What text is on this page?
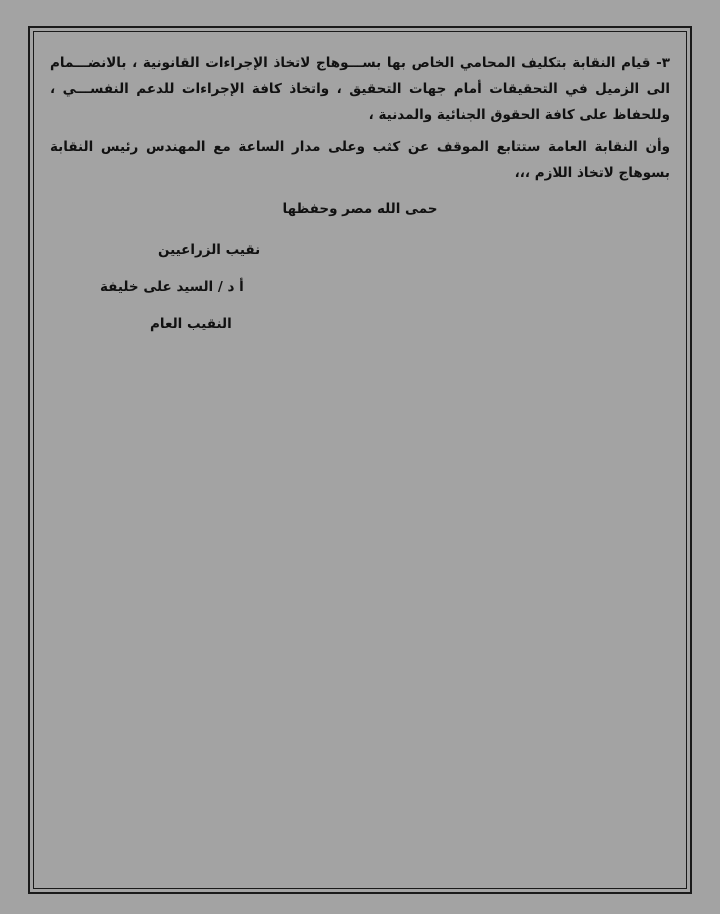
٣- قيام النقابة بتكليف المحامي الخاص بها بســـوهاج لاتخاذ الإجراءات القانونية ، بالانضـــمام الى الزميل في التحقيقات أمام جهات التحقيق ، واتخاذ كافة الإجراءات للدعم النفســـي ، وللحفاظ على كافة الحقوق الجنائية والمدنية ،

وأن النقابة العامة ستتابع الموقف عن كثب وعلى مدار الساعة مع المهندس رئيس النقابة بسوهاج لاتخاذ اللازم ،،،

حمى الله مصر وحفظها

نقيب الزراعيين
أ د / السيد على خليفة
النقيب العام
